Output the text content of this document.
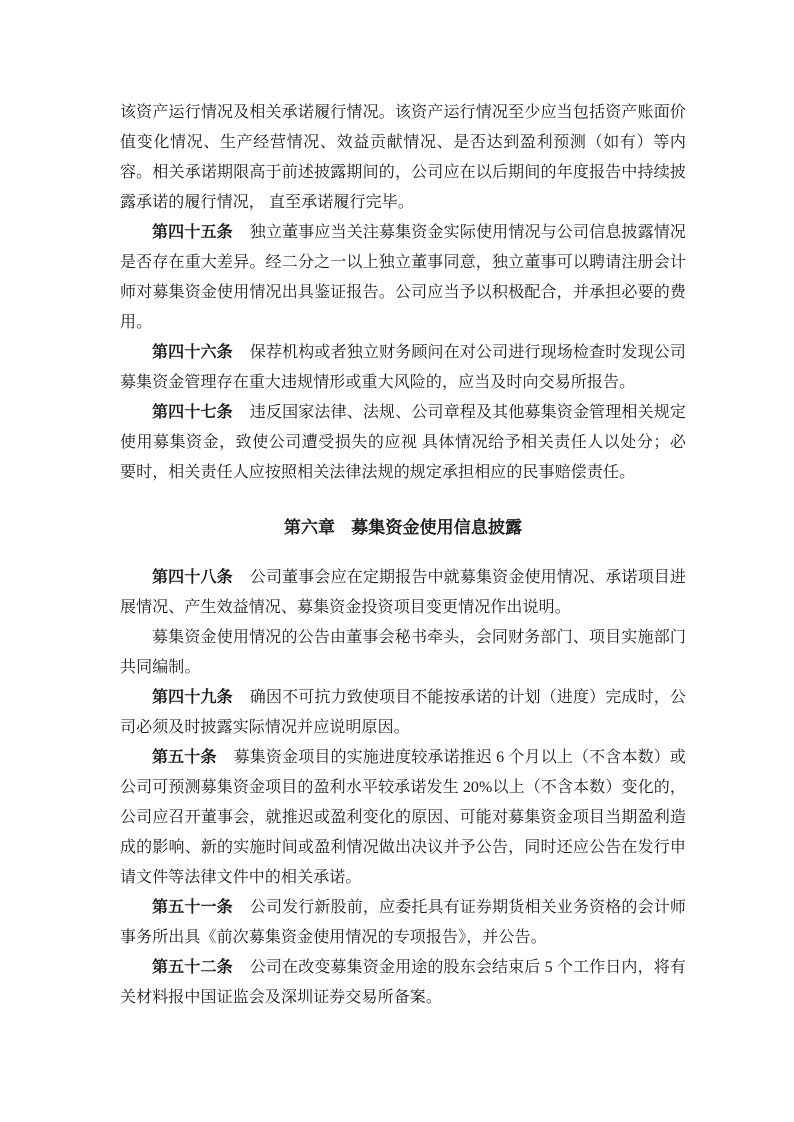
该资产运行情况及相关承诺履行情况。该资产运行情况至少应当包括资产账面价值变化情况、生产经营情况、效益贡献情况、是否达到盈利预测（如有）等内容。相关承诺期限高于前述披露期间的，公司应在以后期间的年度报告中持续披露承诺的履行情况， 直至承诺履行完毕。

第四十五条 独立董事应当关注募集资金实际使用情况与公司信息披露情况 是否存在重大差异。经二分之一以上独立董事同意，独立董事可以聘请注册会计 师对募集资金使用情况出具鉴证报告。公司应当予以积极配合，并承担必要的费 用。

第四十六条 保荐机构或者独立财务顾问在对公司进行现场检查时发现公司募集资金管理存在重大违规情形或重大风险的，应当及时向交易所报告。

第四十七条 违反国家法律、法规、公司章程及其他募集资金管理相关规定使用募集资金，致使公司遭受损失的应视 具体情况给予相关责任人以处分；必要时，相关责任人应按照相关法律法规的规定承担相应的民事赔偿责任。

第六章 募集资金使用信息披露

第四十八条 公司董事会应在定期报告中就募集资金使用情况、承诺项目进展情况、产生效益情况、募集资金投资项目变更情况作出说明。

募集资金使用情况的公告由董事会秘书牵头，会同财务部门、项目实施部门共同编制。

第四十九条 确因不可抗力致使项目不能按承诺的计划（进度）完成时，公司必须及时披露实际情况并应说明原因。

第五十条 募集资金项目的实施进度较承诺推迟 6 个月以上（不含本数）或公司可预测募集资金项目的盈利水平较承诺发生 20%以上（不含本数）变化的，公司应召开董事会，就推迟或盈利变化的原因、可能对募集资金项目当期盈利造成的影响、新的实施时间或盈利情况做出决议并予公告，同时还应公告在发行申请文件等法律文件中的相关承诺。

第五十一条 公司发行新股前，应委托具有证券期货相关业务资格的会计师事务所出具《前次募集资金使用情况的专项报告》，并公告。

第五十二条 公司在改变募集资金用途的股东会结束后 5 个工作日内，将有关材料报中国证监会及深圳证券交易所备案。
